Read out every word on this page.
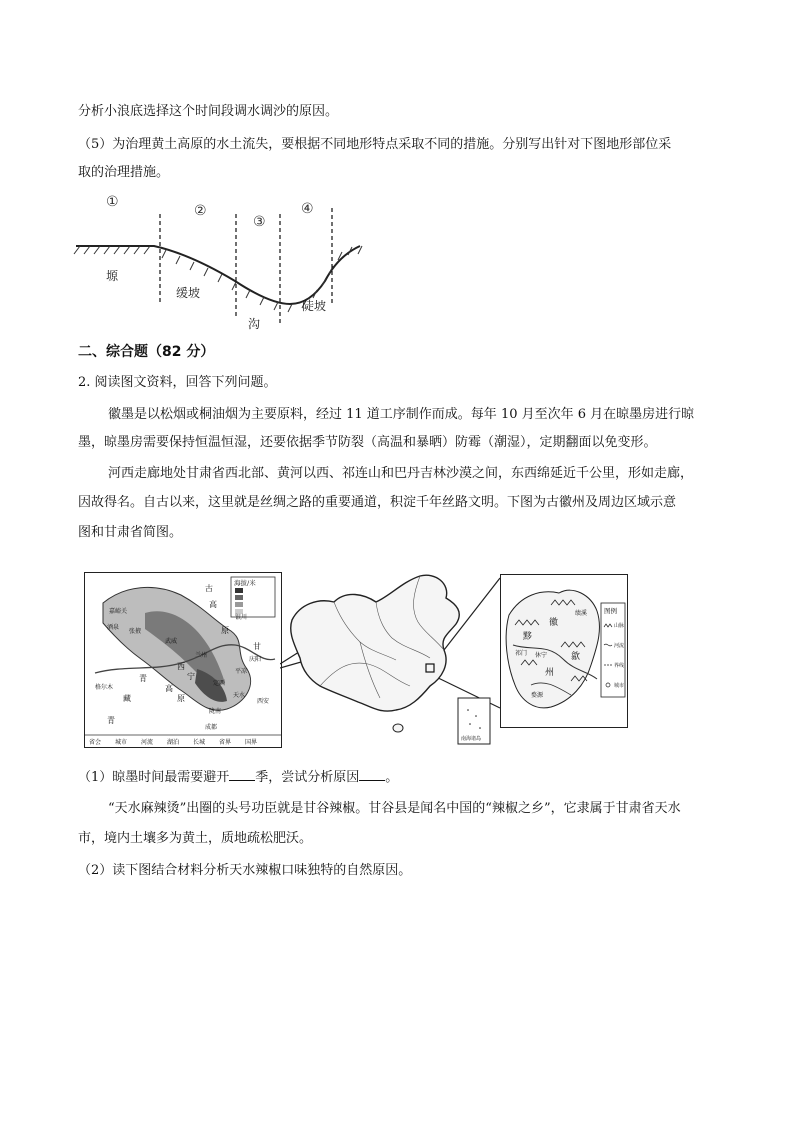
分析小浪底选择这个时间段调水调沙的原因。
（5）为治理黄土高原的水土流失，要根据不同地形特点采取不同的措施。分别写出针对下图地形部位采
取的治理措施。
①
②
③
④
塬
缓坡
沟
陡坡
二、综合题（82 分）
2. 阅读图文资料，回答下列问题。
徽墨是以松烟或桐油烟为主要原料，经过 11 道工序制作而成。每年 10 月至次年 6 月在晾墨房进行晾
墨，晾墨房需要保持恒温恒湿，还要依据季节防裂（高温和暴晒）防霉（潮湿），定期翻面以免变形。
河西走廊地处甘肃省西北部、黄河以西、祁连山和巴丹吉林沙漠之间，东西绵延近千公里，形如走廊，
因故得名。自古以来，这里就是丝绸之路的重要通道，积淀千年丝路文明。下图为古徽州及周边区域示意
图和甘肃省简图。
海拔/米
古
高
原
高
原
藏
青
西
宁
甘
青
嘉峪关
酒泉
张掖
武威
兰州
天水
平凉
庆阳
银川
西安
陇南
定西
格尔木
成都
省会 城市 河流 湖泊 长城 省界 国界	南海诸岛
黟
州
徽
歙
休宁
祁门
婺源
绩溪	图例
山脉
河流
界线
城市
（1）晾墨时间最需要避开 季，尝试分析原因 。
“天水麻辣烫”出圈的头号功臣就是甘谷辣椒。甘谷县是闻名中国的“辣椒之乡”，它隶属于甘肃省天水
市，境内土壤多为黄土，质地疏松肥沃。
（2）读下图结合材料分析天水辣椒口味独特的自然原因。
